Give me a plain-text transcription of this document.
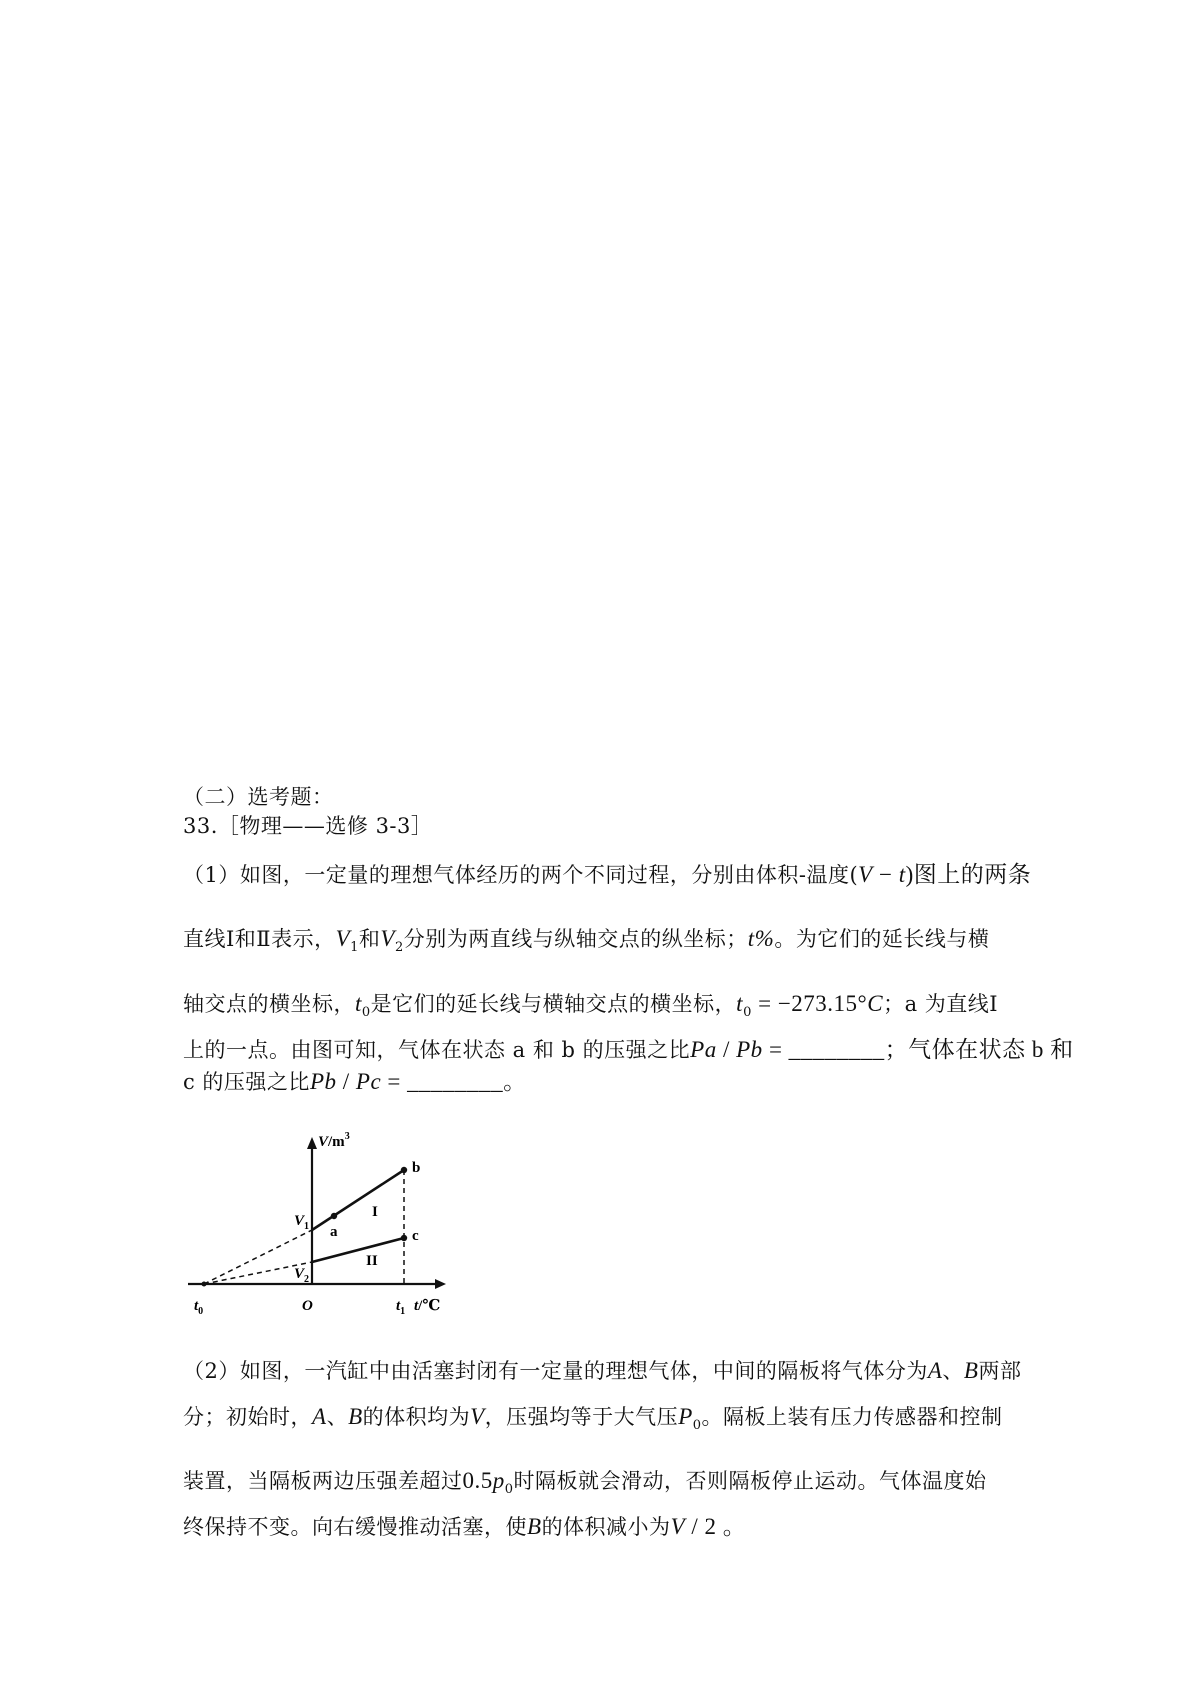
（二）选考题：
33.［物理——选修 3-3］
（1）如图，一定量的理想气体经历的两个不同过程，分别由体积-温度(V − t)图上的两条
直线Ⅰ和Ⅱ表示，$V_1$和$V_2$分别为两直线与纵轴交点的纵坐标；t%。为它们的延长线与横
轴交点的横坐标，$t_0$是它们的延长线与横轴交点的横坐标，$t_0 = -273.15^\circ C$；a 为直线Ⅰ
上的一点。由图可知，气体在状态 a 和 b 的压强之比Pa / Pb = ________；气体在状态 b 和
c 的压强之比Pb / Pc = ________。
$V/m^3$
t/℃
O
$t_0$	$t_1$
$V_1$
$V_2$
a
b
c
I
II
（2）如图，一汽缸中由活塞封闭有一定量的理想气体，中间的隔板将气体分为A、B两部
分；初始时，A、B的体积均为V，压强均等于大气压$P_0$。隔板上装有压力传感器和控制
装置，当隔板两边压强差超过$0.5p_0$时隔板就会滑动，否则隔板停止运动。气体温度始
终保持不变。向右缓慢推动活塞，使B的体积减小为V / 2 。
